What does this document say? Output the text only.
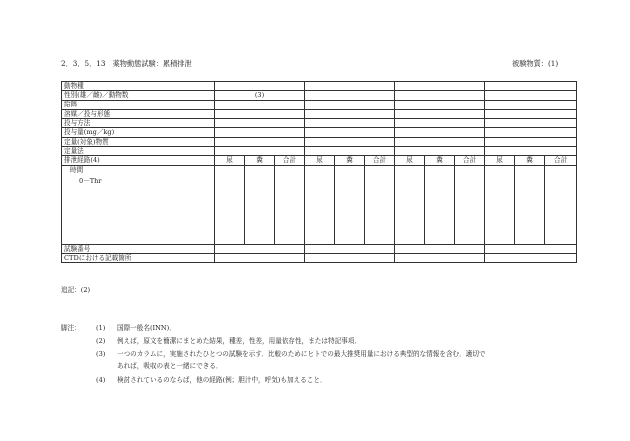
2．3．5．13　薬物動態試験：累積排泄	被験物質：(1)
動物種												
性別(雄／雌)／動物数	(3)											
給餌												
溶媒／投与形態												
投与方法												
投与量(mg／kg)												
定量(対象)物質												
定量法												
排泄経路(4)	尿	糞	合計	尿	糞	合計	尿	糞	合計	尿	糞	合計

時間
0－Thr												

試験番号												
CTDにおける記載箇所												
追記：(2)
脚注： (1) 国際一般名(INN)．
(2) 例えば，原文を簡潔にまとめた結果，種差，性差，用量依存性，または特記事項．
(3) 一つのカラムに，実施されたひとつの試験を示す．比較のためにヒトでの最大推奨用量における典型的な情報を含む．適切で
あれば，吸収の表と一緒にできる．
(4) 検討されているのならば，他の経路(例；胆汁中，呼気)も加えること．
